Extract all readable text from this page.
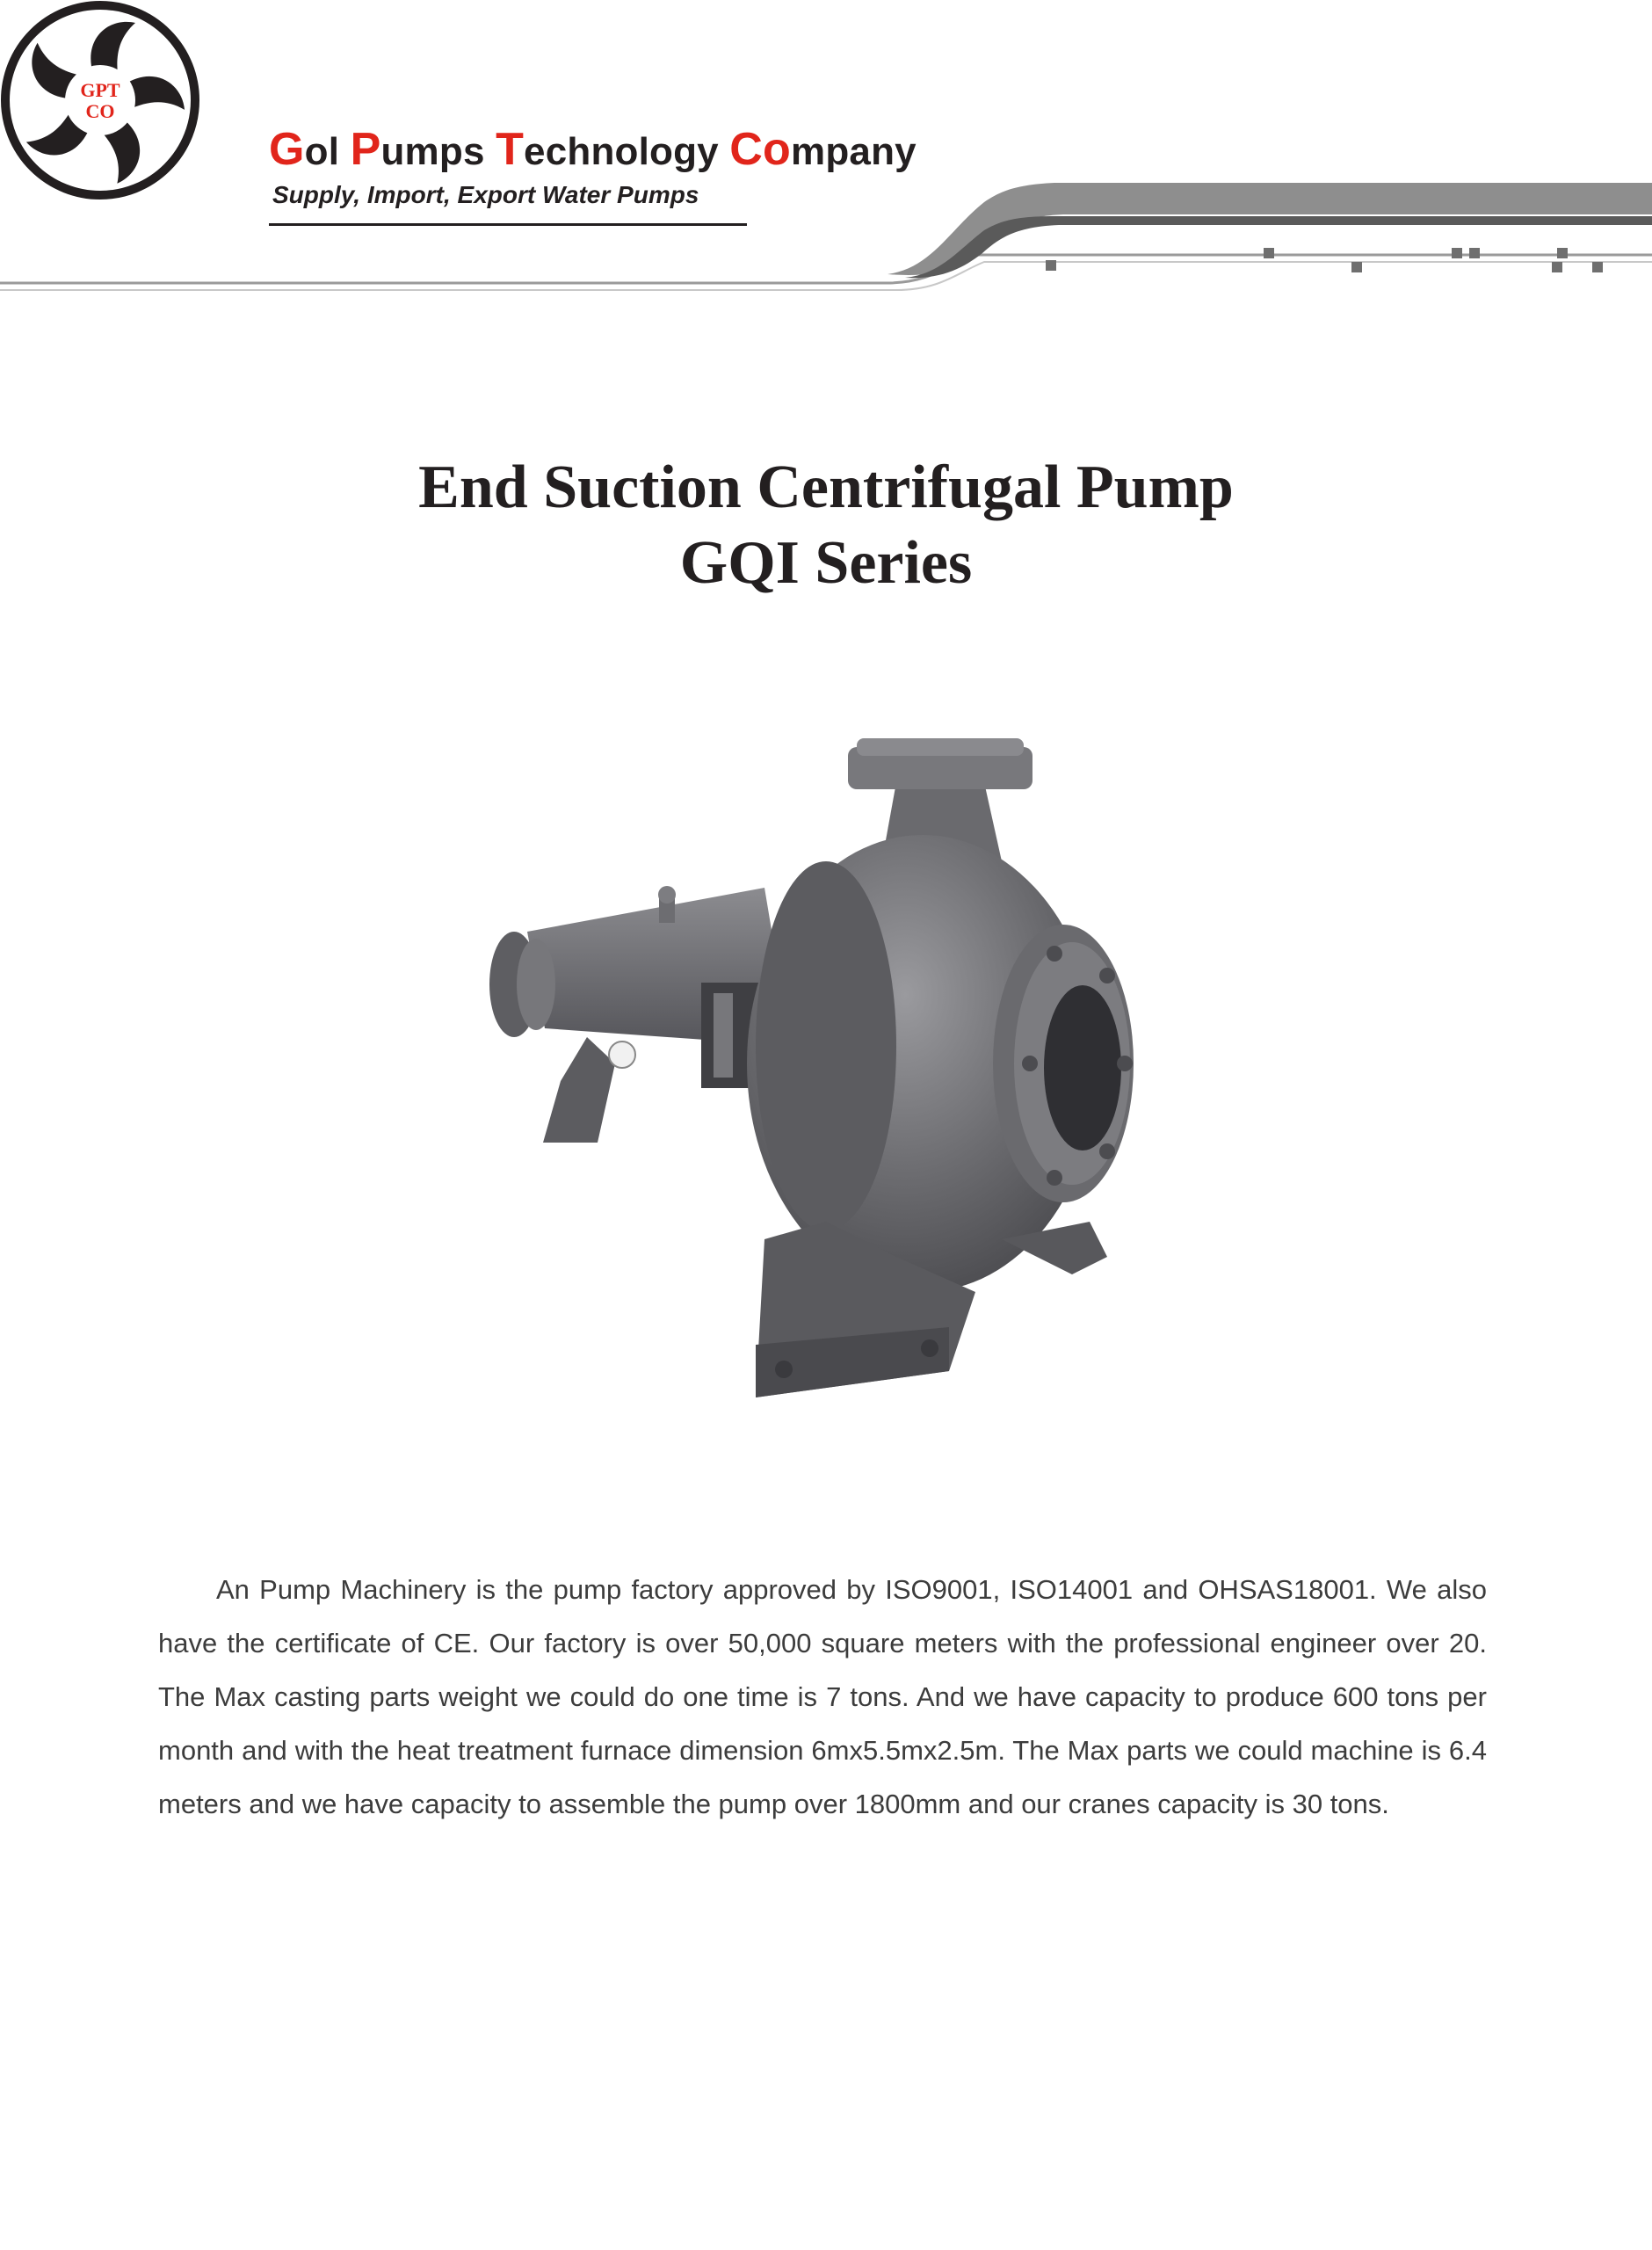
GPT
CO
Gol Pumps Technology Company
Supply, Import, Export Water Pumps
End Suction Centrifugal Pump
GQI Series

An Pump Machinery is the pump factory approved by ISO9001, ISO14001 and OHSAS18001. We also have the certificate of CE. Our factory is over 50,000 square meters with the professional engineer over 20. The Max casting parts weight we could do one time is 7 tons. And we have capacity to produce 600 tons per month and with the heat treatment furnace dimension 6mx5.5mx2.5m. The Max parts we could machine is 6.4 meters and we have capacity to assemble the pump over 1800mm and our cranes capacity is 30 tons.
